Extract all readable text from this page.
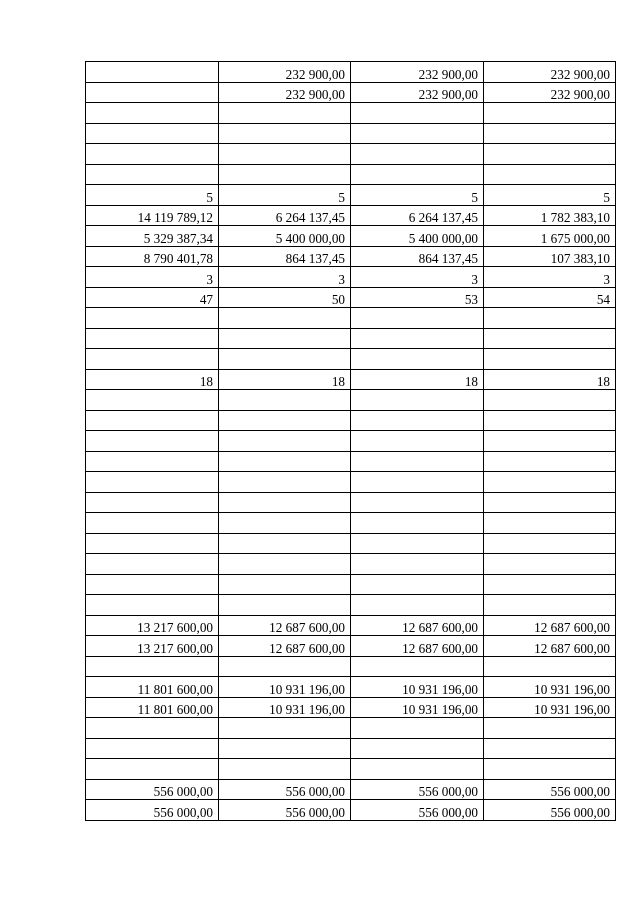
	232 900,00	232 900,00	232 900,00
	232 900,00	232 900,00	232 900,00

5	5	5	5
14 119 789,12	6 264 137,45	6 264 137,45	1 782 383,10
5 329 387,34	5 400 000,00	5 400 000,00	1 675 000,00
8 790 401,78	864 137,45	864 137,45	107 383,10
3	3	3	3
47	50	53	54

18	18	18	18

13 217 600,00	12 687 600,00	12 687 600,00	12 687 600,00
13 217 600,00	12 687 600,00	12 687 600,00	12 687 600,00

11 801 600,00	10 931 196,00	10 931 196,00	10 931 196,00
11 801 600,00	10 931 196,00	10 931 196,00	10 931 196,00

556 000,00	556 000,00	556 000,00	556 000,00
556 000,00	556 000,00	556 000,00	556 000,00
